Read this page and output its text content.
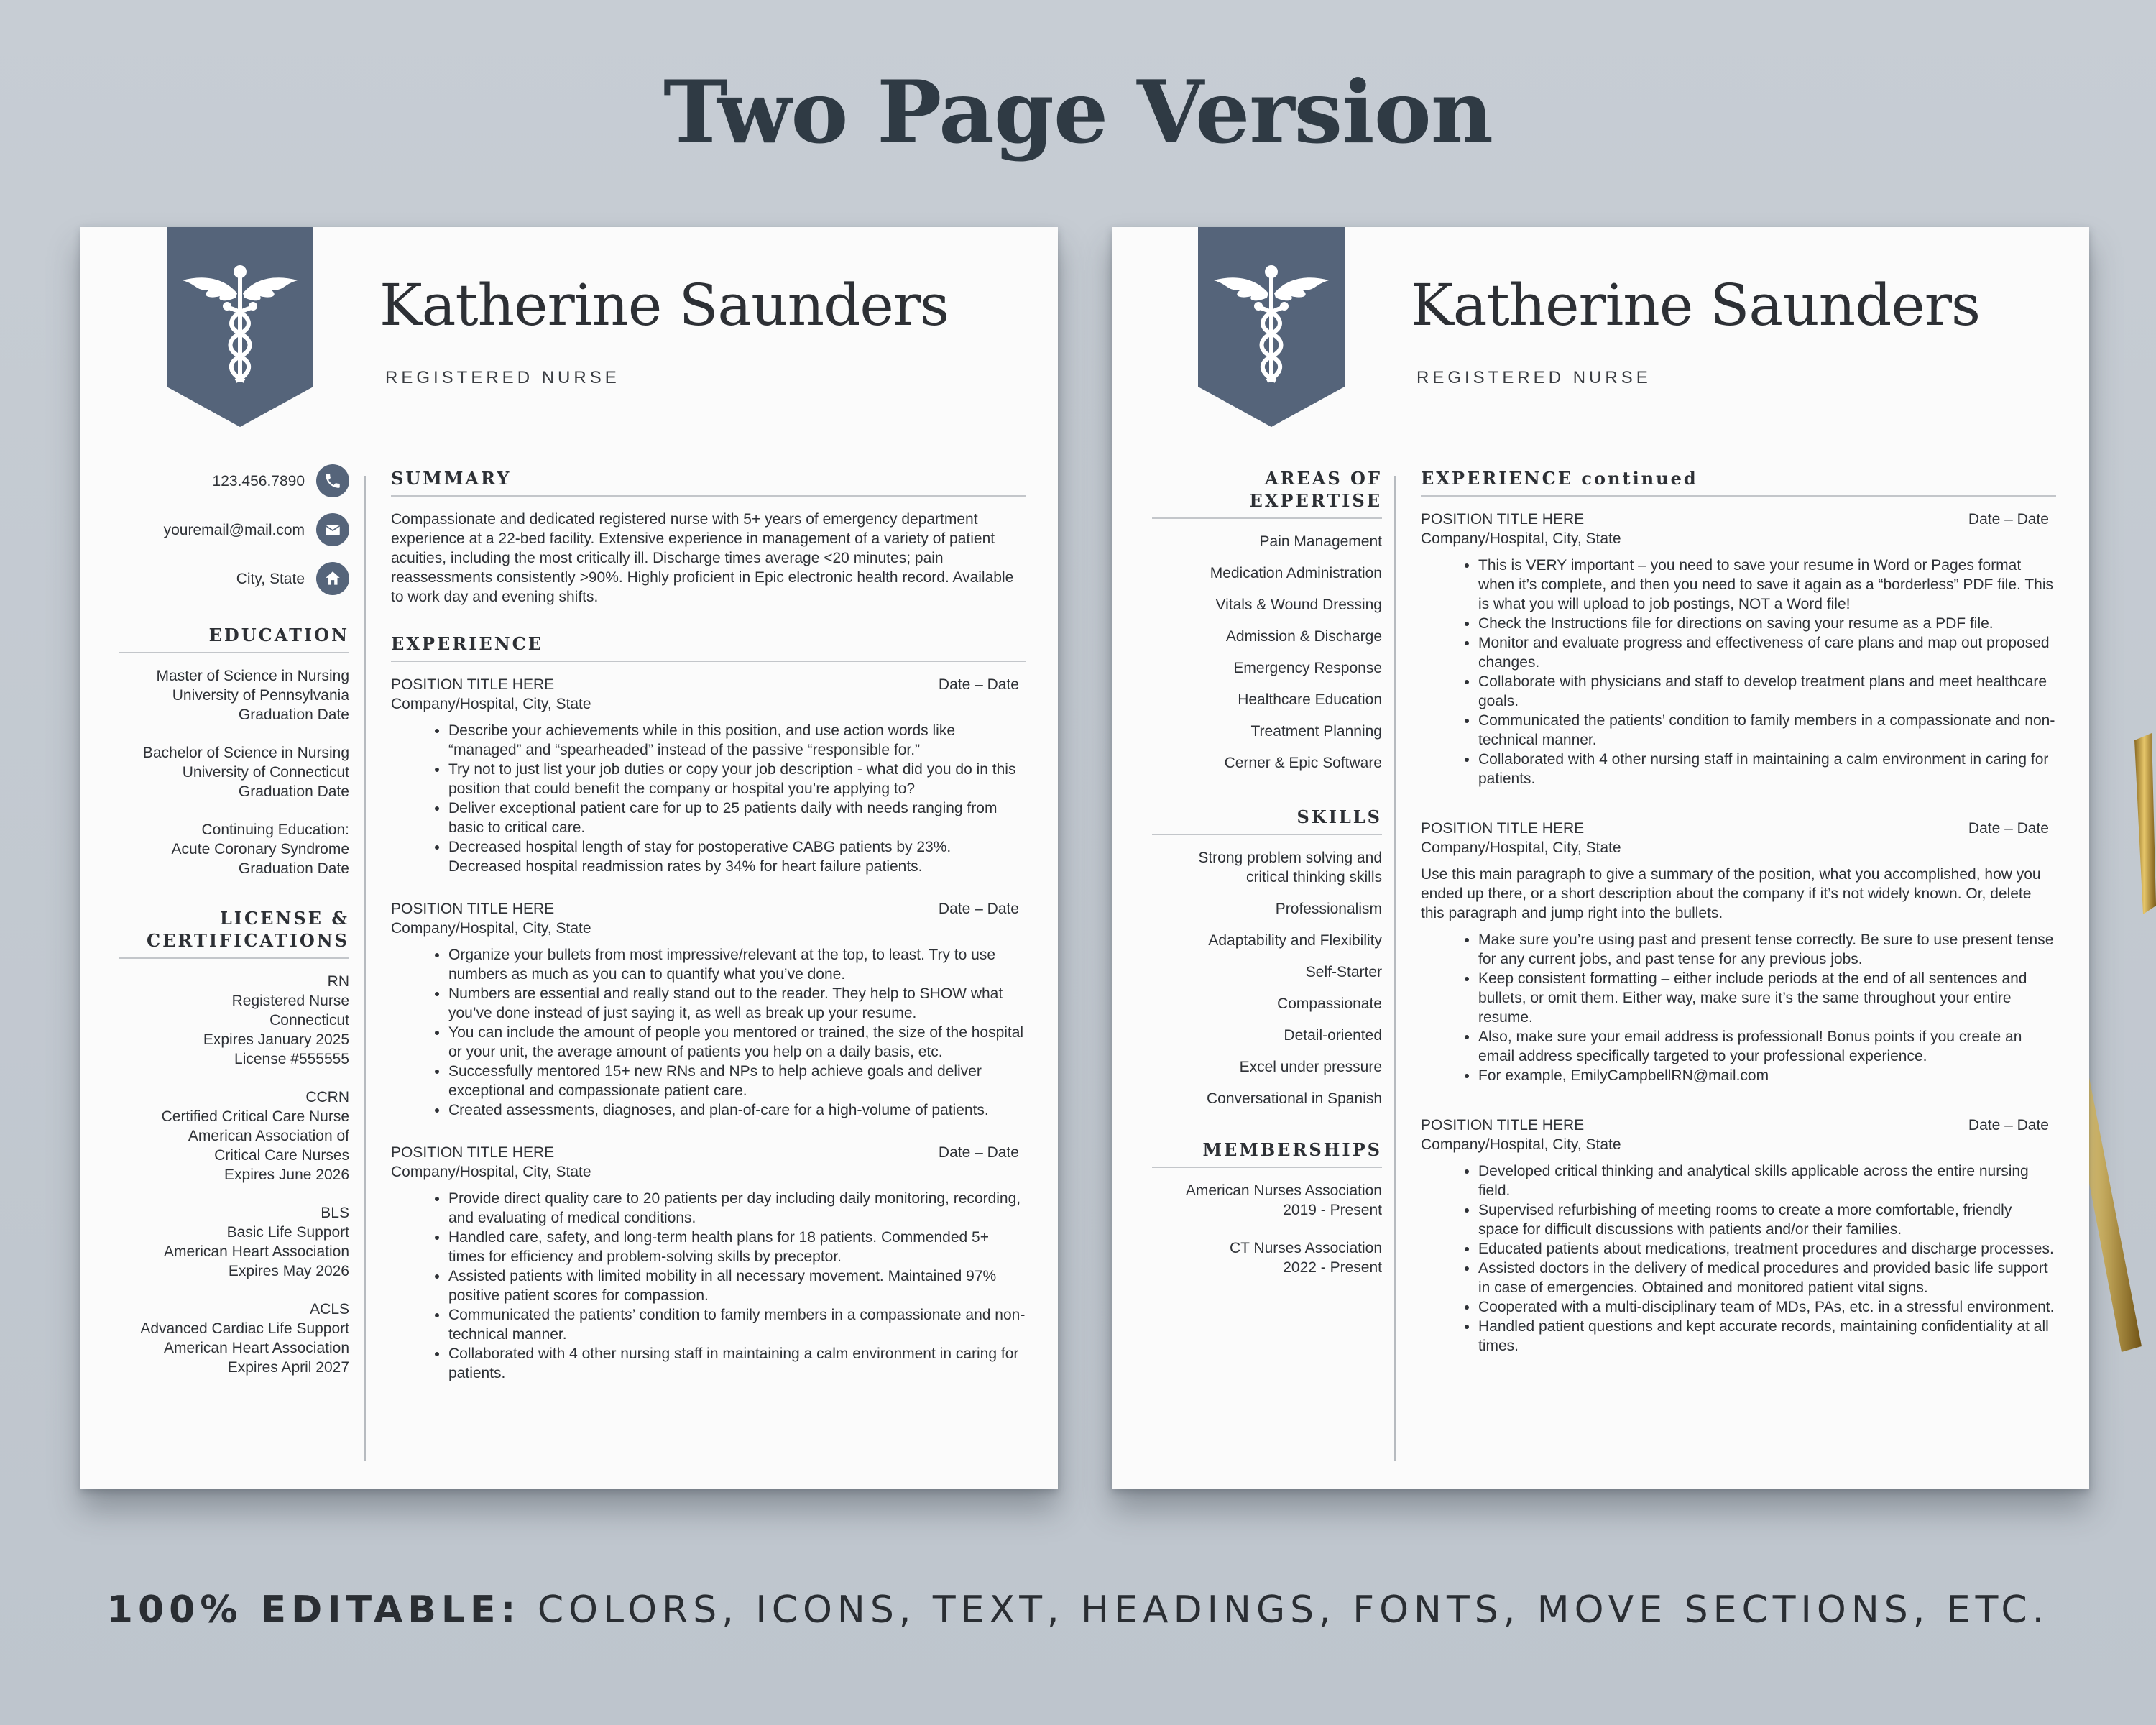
Two Page Version
Katherine Saunders
REGISTERED NURSE
123.456.7890
youremail@mail.com
City, State
EDUCATION
Master of Science in Nursing
University of Pennsylvania
Graduation Date
Bachelor of Science in Nursing
University of Connecticut
Graduation Date
Continuing Education:
Acute Coronary Syndrome
Graduation Date
LICENSE &
CERTIFICATIONS
RN
Registered Nurse
Connecticut
Expires January 2025
License #555555
CCRN
Certified Critical Care Nurse
American Association of
Critical Care Nurses
Expires June 2026
BLS
Basic Life Support
American Heart Association
Expires May 2026
ACLS
Advanced Cardiac Life Support
American Heart Association
Expires April 2027
SUMMARY
Compassionate and dedicated registered nurse with 5+ years of emergency department experience at a 22-bed facility. Extensive experience in management of a variety of patient acuities, including the most critically ill. Discharge times average <20 minutes; pain reassessments consistently >90%. Highly proficient in Epic electronic health record. Available to work day and evening shifts.
EXPERIENCE
POSITION TITLE HERE	Date – Date
Company/Hospital, City, State
• Describe your achievements while in this position, and use action words like “managed” and “spearheaded” instead of the passive “responsible for.”
• Try not to just list your job duties or copy your job description - what did you do in this position that could benefit the company or hospital you’re applying to?
• Deliver exceptional patient care for up to 25 patients daily with needs ranging from basic to critical care.
• Decreased hospital length of stay for postoperative CABG patients by 23%. Decreased hospital readmission rates by 34% for heart failure patients.
POSITION TITLE HERE	Date – Date
Company/Hospital, City, State
• Organize your bullets from most impressive/relevant at the top, to least. Try to use numbers as much as you can to quantify what you’ve done.
• Numbers are essential and really stand out to the reader. They help to SHOW what you’ve done instead of just saying it, as well as break up your resume.
• You can include the amount of people you mentored or trained, the size of the hospital or your unit, the average amount of patients you help on a daily basis, etc.
• Successfully mentored 15+ new RNs and NPs to help achieve goals and deliver exceptional and compassionate patient care.
• Created assessments, diagnoses, and plan-of-care for a high-volume of patients.
POSITION TITLE HERE	Date – Date
Company/Hospital, City, State
• Provide direct quality care to 20 patients per day including daily monitoring, recording, and evaluating of medical conditions.
• Handled care, safety, and long-term health plans for 18 patients. Commended 5+ times for efficiency and problem-solving skills by preceptor.
• Assisted patients with limited mobility in all necessary movement. Maintained 97% positive patient scores for compassion.
• Communicated the patients’ condition to family members in a compassionate and non-technical manner.
• Collaborated with 4 other nursing staff in maintaining a calm environment in caring for patients.
Katherine Saunders
REGISTERED NURSE
AREAS OF
EXPERTISE
Pain Management
Medication Administration
Vitals & Wound Dressing
Admission & Discharge
Emergency Response
Healthcare Education
Treatment Planning
Cerner & Epic Software
SKILLS
Strong problem solving and critical thinking skills
Professionalism
Adaptability and Flexibility
Self-Starter
Compassionate
Detail-oriented
Excel under pressure
Conversational in Spanish
MEMBERSHIPS
American Nurses Association
2019 - Present
CT Nurses Association
2022 - Present
EXPERIENCE continued
POSITION TITLE HERE	Date – Date
Company/Hospital, City, State
• This is VERY important – you need to save your resume in Word or Pages format when it’s complete, and then you need to save it again as a “borderless” PDF file. This is what you will upload to job postings, NOT a Word file!
• Check the Instructions file for directions on saving your resume as a PDF file.
• Monitor and evaluate progress and effectiveness of care plans and map out proposed changes.
• Collaborate with physicians and staff to develop treatment plans and meet healthcare goals.
• Communicated the patients’ condition to family members in a compassionate and non-technical manner.
• Collaborated with 4 other nursing staff in maintaining a calm environment in caring for patients.
POSITION TITLE HERE	Date – Date
Company/Hospital, City, State
Use this main paragraph to give a summary of the position, what you accomplished, how you ended up there, or a short description about the company if it’s not widely known. Or, delete this paragraph and jump right into the bullets.
• Make sure you’re using past and present tense correctly. Be sure to use present tense for any current jobs, and past tense for any previous jobs.
• Keep consistent formatting – either include periods at the end of all sentences and bullets, or omit them. Either way, make sure it’s the same throughout your entire resume.
• Also, make sure your email address is professional! Bonus points if you create an email address specifically targeted to your professional experience.
• For example, EmilyCampbellRN@mail.com
POSITION TITLE HERE	Date – Date
Company/Hospital, City, State
• Developed critical thinking and analytical skills applicable across the entire nursing field.
• Supervised refurbishing of meeting rooms to create a more comfortable, friendly space for difficult discussions with patients and/or their families.
• Educated patients about medications, treatment procedures and discharge processes.
• Assisted doctors in the delivery of medical procedures and provided basic life support in case of emergencies. Obtained and monitored patient vital signs.
• Cooperated with a multi-disciplinary team of MDs, PAs, etc. in a stressful environment.
• Handled patient questions and kept accurate records, maintaining confidentiality at all times.
100% EDITABLE: COLORS, ICONS, TEXT, HEADINGS, FONTS, MOVE SECTIONS, ETC.
